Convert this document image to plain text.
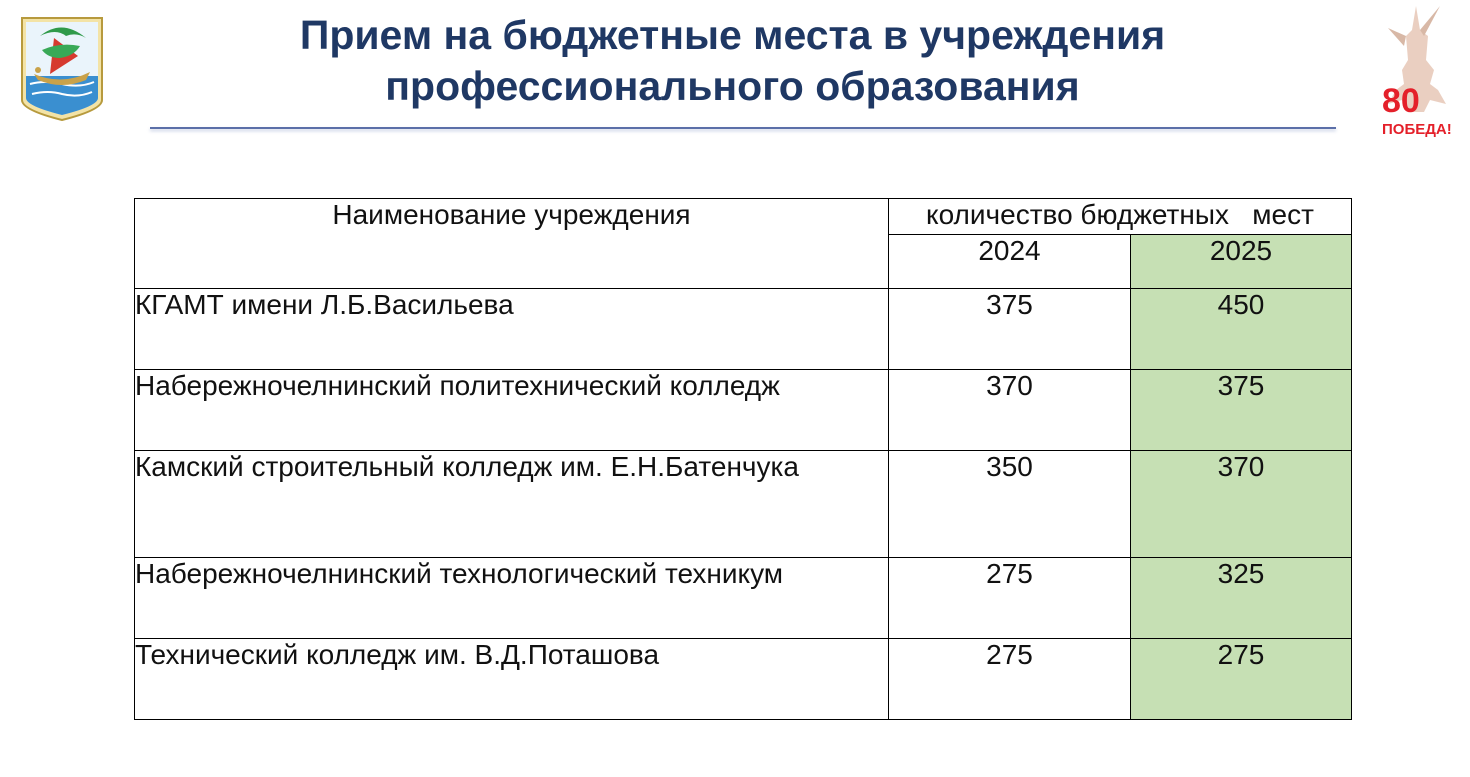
Прием на бюджетные места в учреждения
профессионального образования	80
ПОБЕДА!
Наименование учреждения	количество бюджетных   мест	
	2024	2025
КГАМТ имени Л.Б.Васильева	375	450
Набережночелнинский политехнический колледж	370	375
Камский строительный колледж им. Е.Н.Батенчука	350	370
Набережночелнинский технологический техникум	275	325
Технический колледж им. В.Д.Поташова	275	275
